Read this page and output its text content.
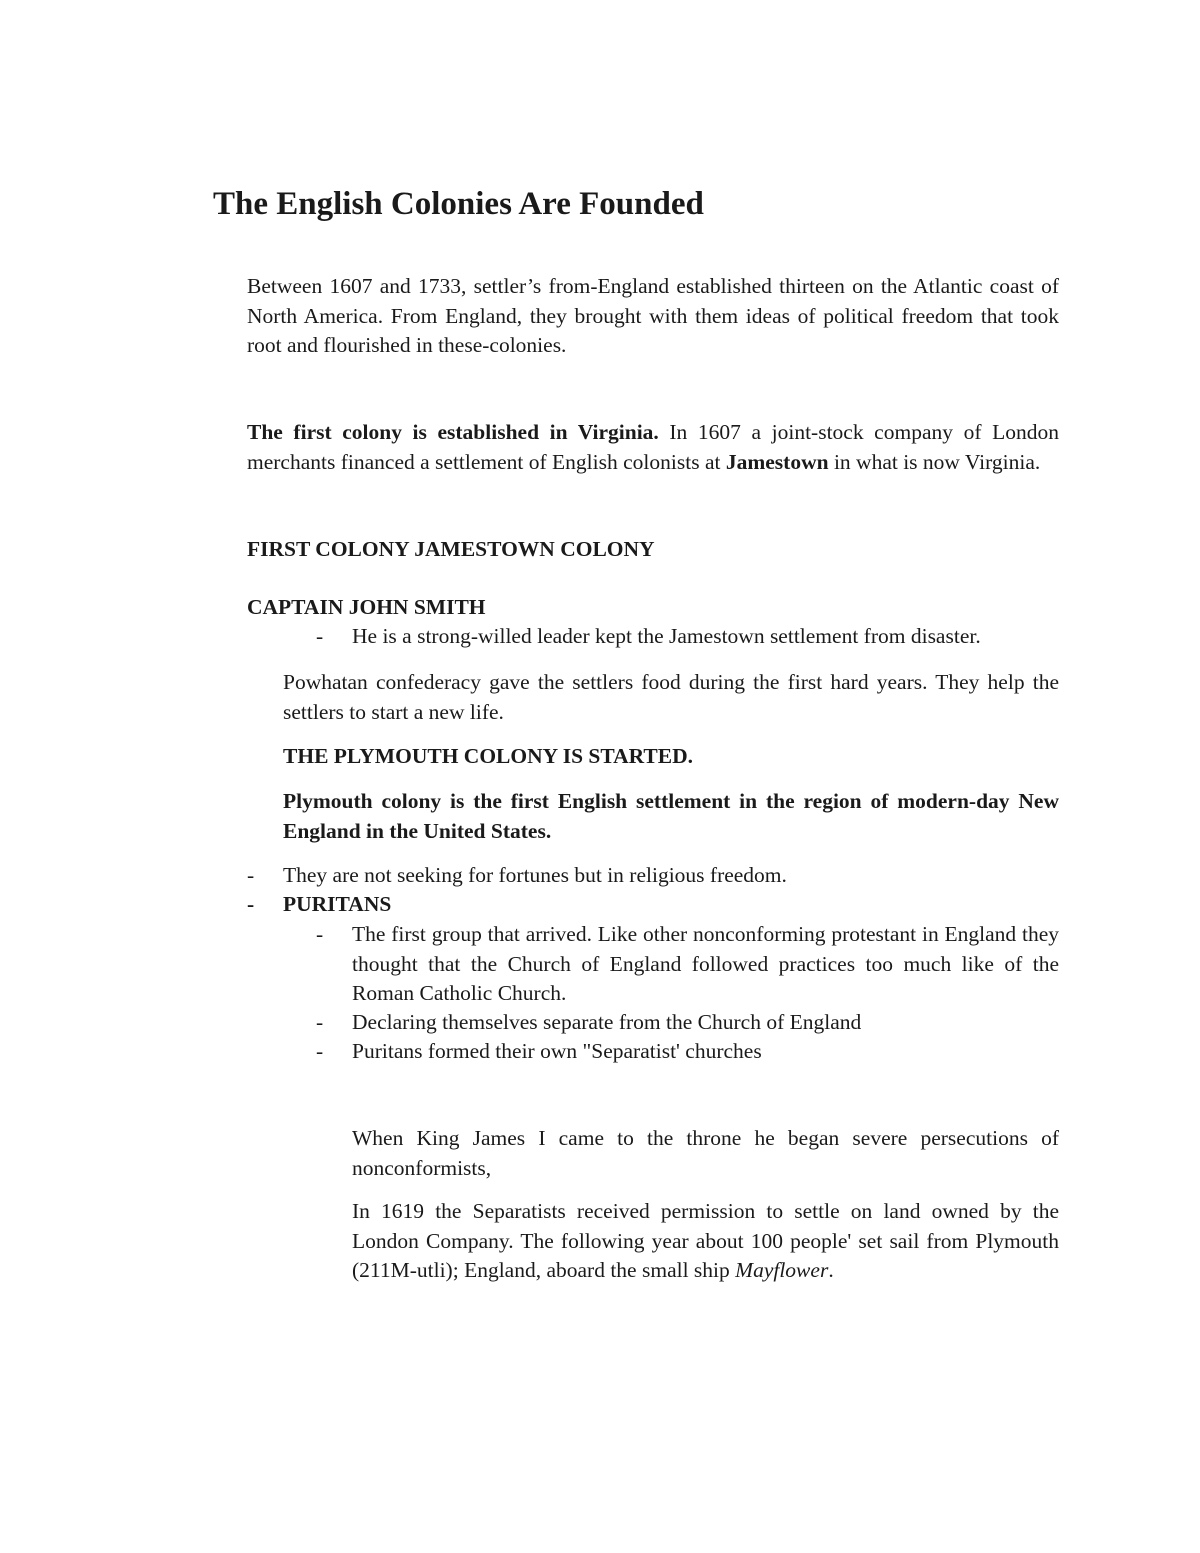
The English Colonies Are Founded

Between 1607 and 1733, settler’s from-England established thirteen on the Atlantic coast of North America. From England, they brought with them ideas of political freedom that took root and flourished in these-colonies.

The first colony is established in Virginia. In 1607 a joint-stock company of London merchants financed a settlement of English colonists at Jamestown in what is now Virginia.

FIRST COLONY JAMESTOWN COLONY
CAPTAIN JOHN SMITH
-	He is a strong-willed leader kept the Jamestown settlement from disaster.

Powhatan confederacy gave the settlers food during the first hard years. They help the settlers to start a new life.

THE PLYMOUTH COLONY IS STARTED.

Plymouth colony is the first English settlement in the region of modern-day New England in the United States.

-	They are not seeking for fortunes but in religious freedom.
-	PURITANS
-	The first group that arrived. Like other nonconforming protestant in England they thought that the Church of England followed practices too much like of the Roman Catholic Church.
-	Declaring themselves separate from the Church of England
-	Puritans formed their own "Separatist' churches

When King James I came to the throne he began severe persecutions of nonconformists,

In 1619 the Separatists received permission to settle on land owned by the London Company. The following year about 100 people' set sail from Plymouth (211M-utli); England, aboard the small ship Mayflower.
